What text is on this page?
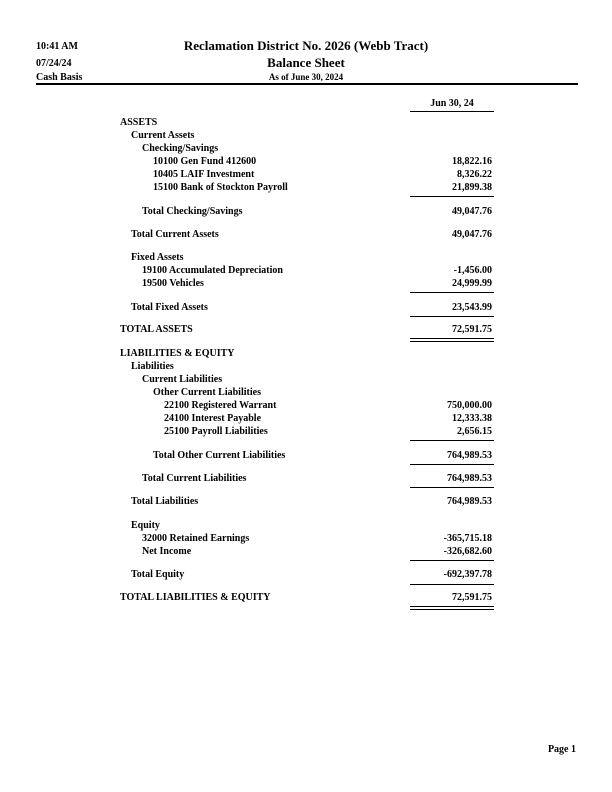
10:41 AM
07/24/24
Cash Basis
Reclamation District No. 2026 (Webb Tract)
Balance Sheet
As of June 30, 2024
Jun 30, 24
ASSETS
Current Assets
Checking/Savings
10100 Gen Fund 412600	18,822.16
10405 LAIF Investment	8,326.22
15100 Bank of Stockton Payroll	21,899.38
Total Checking/Savings	49,047.76
Total Current Assets	49,047.76
Fixed Assets
19100 Accumulated Depreciation	-1,456.00
19500 Vehicles	24,999.99
Total Fixed Assets	23,543.99
TOTAL ASSETS	72,591.75
LIABILITIES & EQUITY
Liabilities
Current Liabilities
Other Current Liabilities
22100 Registered Warrant	750,000.00
24100 Interest Payable	12,333.38
25100 Payroll Liabilities	2,656.15
Total Other Current Liabilities	764,989.53
Total Current Liabilities	764,989.53
Total Liabilities	764,989.53
Equity
32000 Retained Earnings	-365,715.18
Net Income	-326,682.60
Total Equity	-692,397.78
TOTAL LIABILITIES & EQUITY	72,591.75
Page 1
